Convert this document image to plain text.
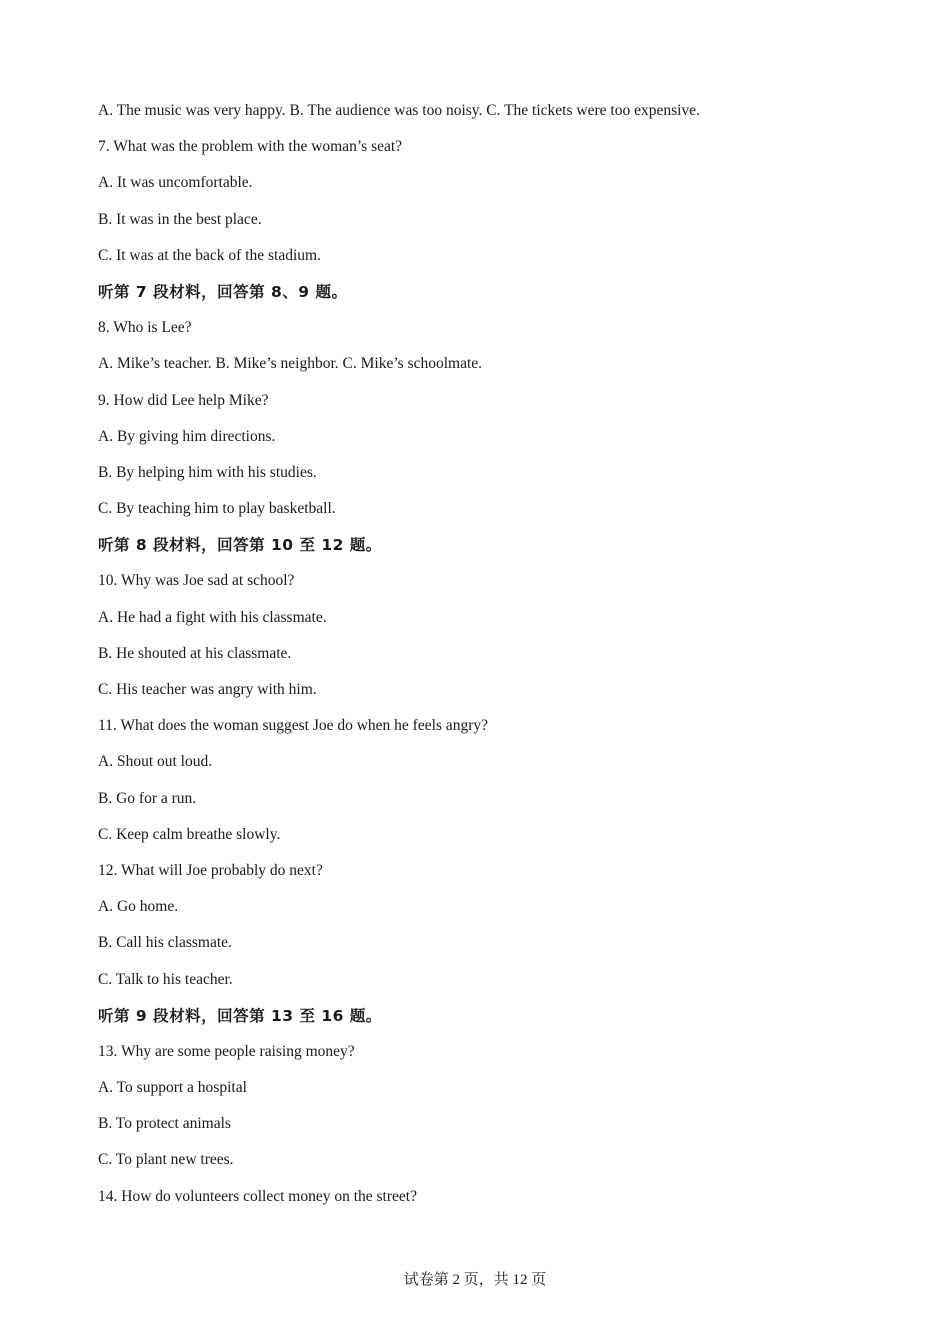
A. The music was very happy. B. The audience was too noisy. C. The tickets were too expensive.
7. What was the problem with the woman’s seat?
A. It was uncomfortable.
B. It was in the best place.
C. It was at the back of the stadium.
听第 7 段材料，回答第 8、9 题。
8. Who is Lee?
A. Mike’s teacher. B. Mike’s neighbor. C. Mike’s schoolmate.
9. How did Lee help Mike?
A. By giving him directions.
B. By helping him with his studies.
C. By teaching him to play basketball.
听第 8 段材料，回答第 10 至 12 题。
10. Why was Joe sad at school?
A. He had a fight with his classmate.
B. He shouted at his classmate.
C. His teacher was angry with him.
11. What does the woman suggest Joe do when he feels angry?
A. Shout out loud.
B. Go for a run.
C. Keep calm breathe slowly.
12. What will Joe probably do next?
A. Go home.
B. Call his classmate.
C. Talk to his teacher.
听第 9 段材料，回答第 13 至 16 题。
13. Why are some people raising money?
A. To support a hospital
B. To protect animals
C. To plant new trees.
14. How do volunteers collect money on the street?
试卷第 2 页，共 12 页
